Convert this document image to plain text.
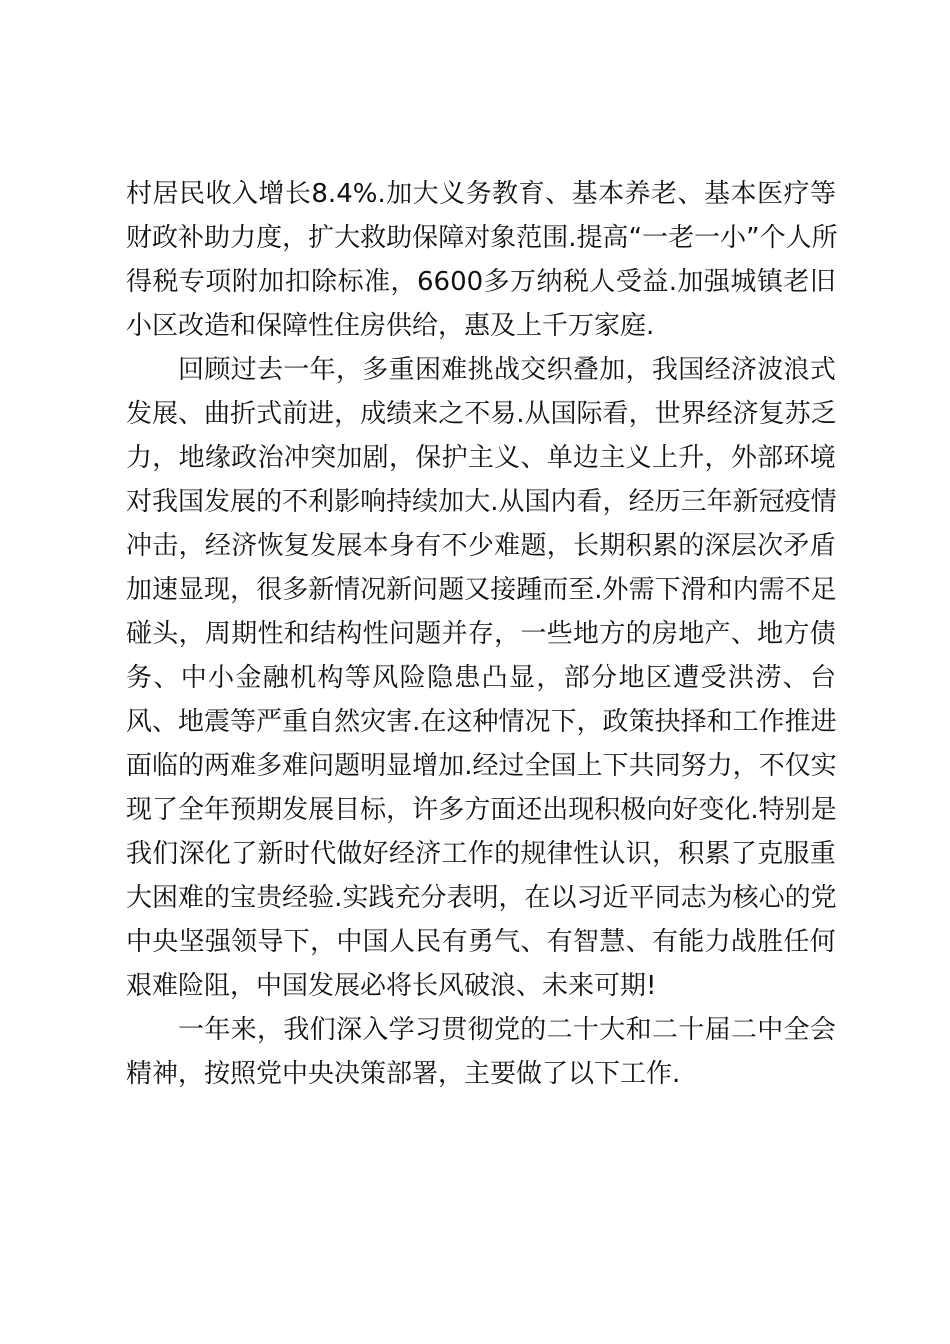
村 居 民 收 入 增 长 8.4%. 加 大 义 务 教 育 、 基 本 养 老 、 基 本 医 疗 等
财 政 补 助 力 度 ， 扩 大 救 助 保 障 对 象 范 围 . 提 高 “ 一 老 一 小 ” 个 人 所
得 税 专 项 附 加 扣 除 标 准 ， 6600 多 万 纳 税 人 受 益 . 加 强 城 镇 老 旧
小区改造和保障性住房供给，惠及上千万家庭.
回 顾 过 去 一 年 ， 多 重 困 难 挑 战 交 织 叠 加 ， 我 国 经 济 波 浪 式
发 展 、 曲 折 式 前 进 ， 成 绩 来 之 不 易 . 从 国 际 看 ， 世 界 经 济 复 苏 乏
力 ， 地 缘 政 治 冲 突 加 剧 ， 保 护 主 义 、 单 边 主 义 上 升 ， 外 部 环 境
对 我 国 发 展 的 不 利 影 响 持 续 加 大 . 从 国 内 看 ， 经 历 三 年 新 冠 疫 情
冲 击 ， 经 济 恢 复 发 展 本 身 有 不 少 难 题 ， 长 期 积 累 的 深 层 次 矛 盾
加 速 显 现 ， 很 多 新 情 况 新 问 题 又 接 踵 而 至 . 外 需 下 滑 和 内 需 不 足
碰 头 ， 周 期 性 和 结 构 性 问 题 并 存 ， 一 些 地 方 的 房 地 产 、 地 方 债
务 、 中 小 金 融 机 构 等 风 险 隐 患 凸 显 ， 部 分 地 区 遭 受 洪 涝 、 台
风 、 地 震 等 严 重 自 然 灾 害 . 在 这 种 情 况 下 ， 政 策 抉 择 和 工 作 推 进
面 临 的 两 难 多 难 问 题 明 显 增 加 . 经 过 全 国 上 下 共 同 努 力 ， 不 仅 实
现 了 全 年 预 期 发 展 目 标 ， 许 多 方 面 还 出 现 积 极 向 好 变 化 . 特 别 是
我 们 深 化 了 新 时 代 做 好 经 济 工 作 的 规 律 性 认 识 ， 积 累 了 克 服 重
大 困 难 的 宝 贵 经 验 . 实 践 充 分 表 明 ， 在 以 习 近 平 同 志 为 核 心 的 党
中 央 坚 强 领 导 下 ， 中 国 人 民 有 勇 气 、 有 智 慧 、 有 能 力 战 胜 任 何
艰难险阻，中国发展必将长风破浪、未来可期!
一 年 来 ， 我 们 深 入 学 习 贯 彻 党 的 二 十 大 和 二 十 届 二 中 全 会
精神，按照党中央决策部署，主要做了以下工作.
